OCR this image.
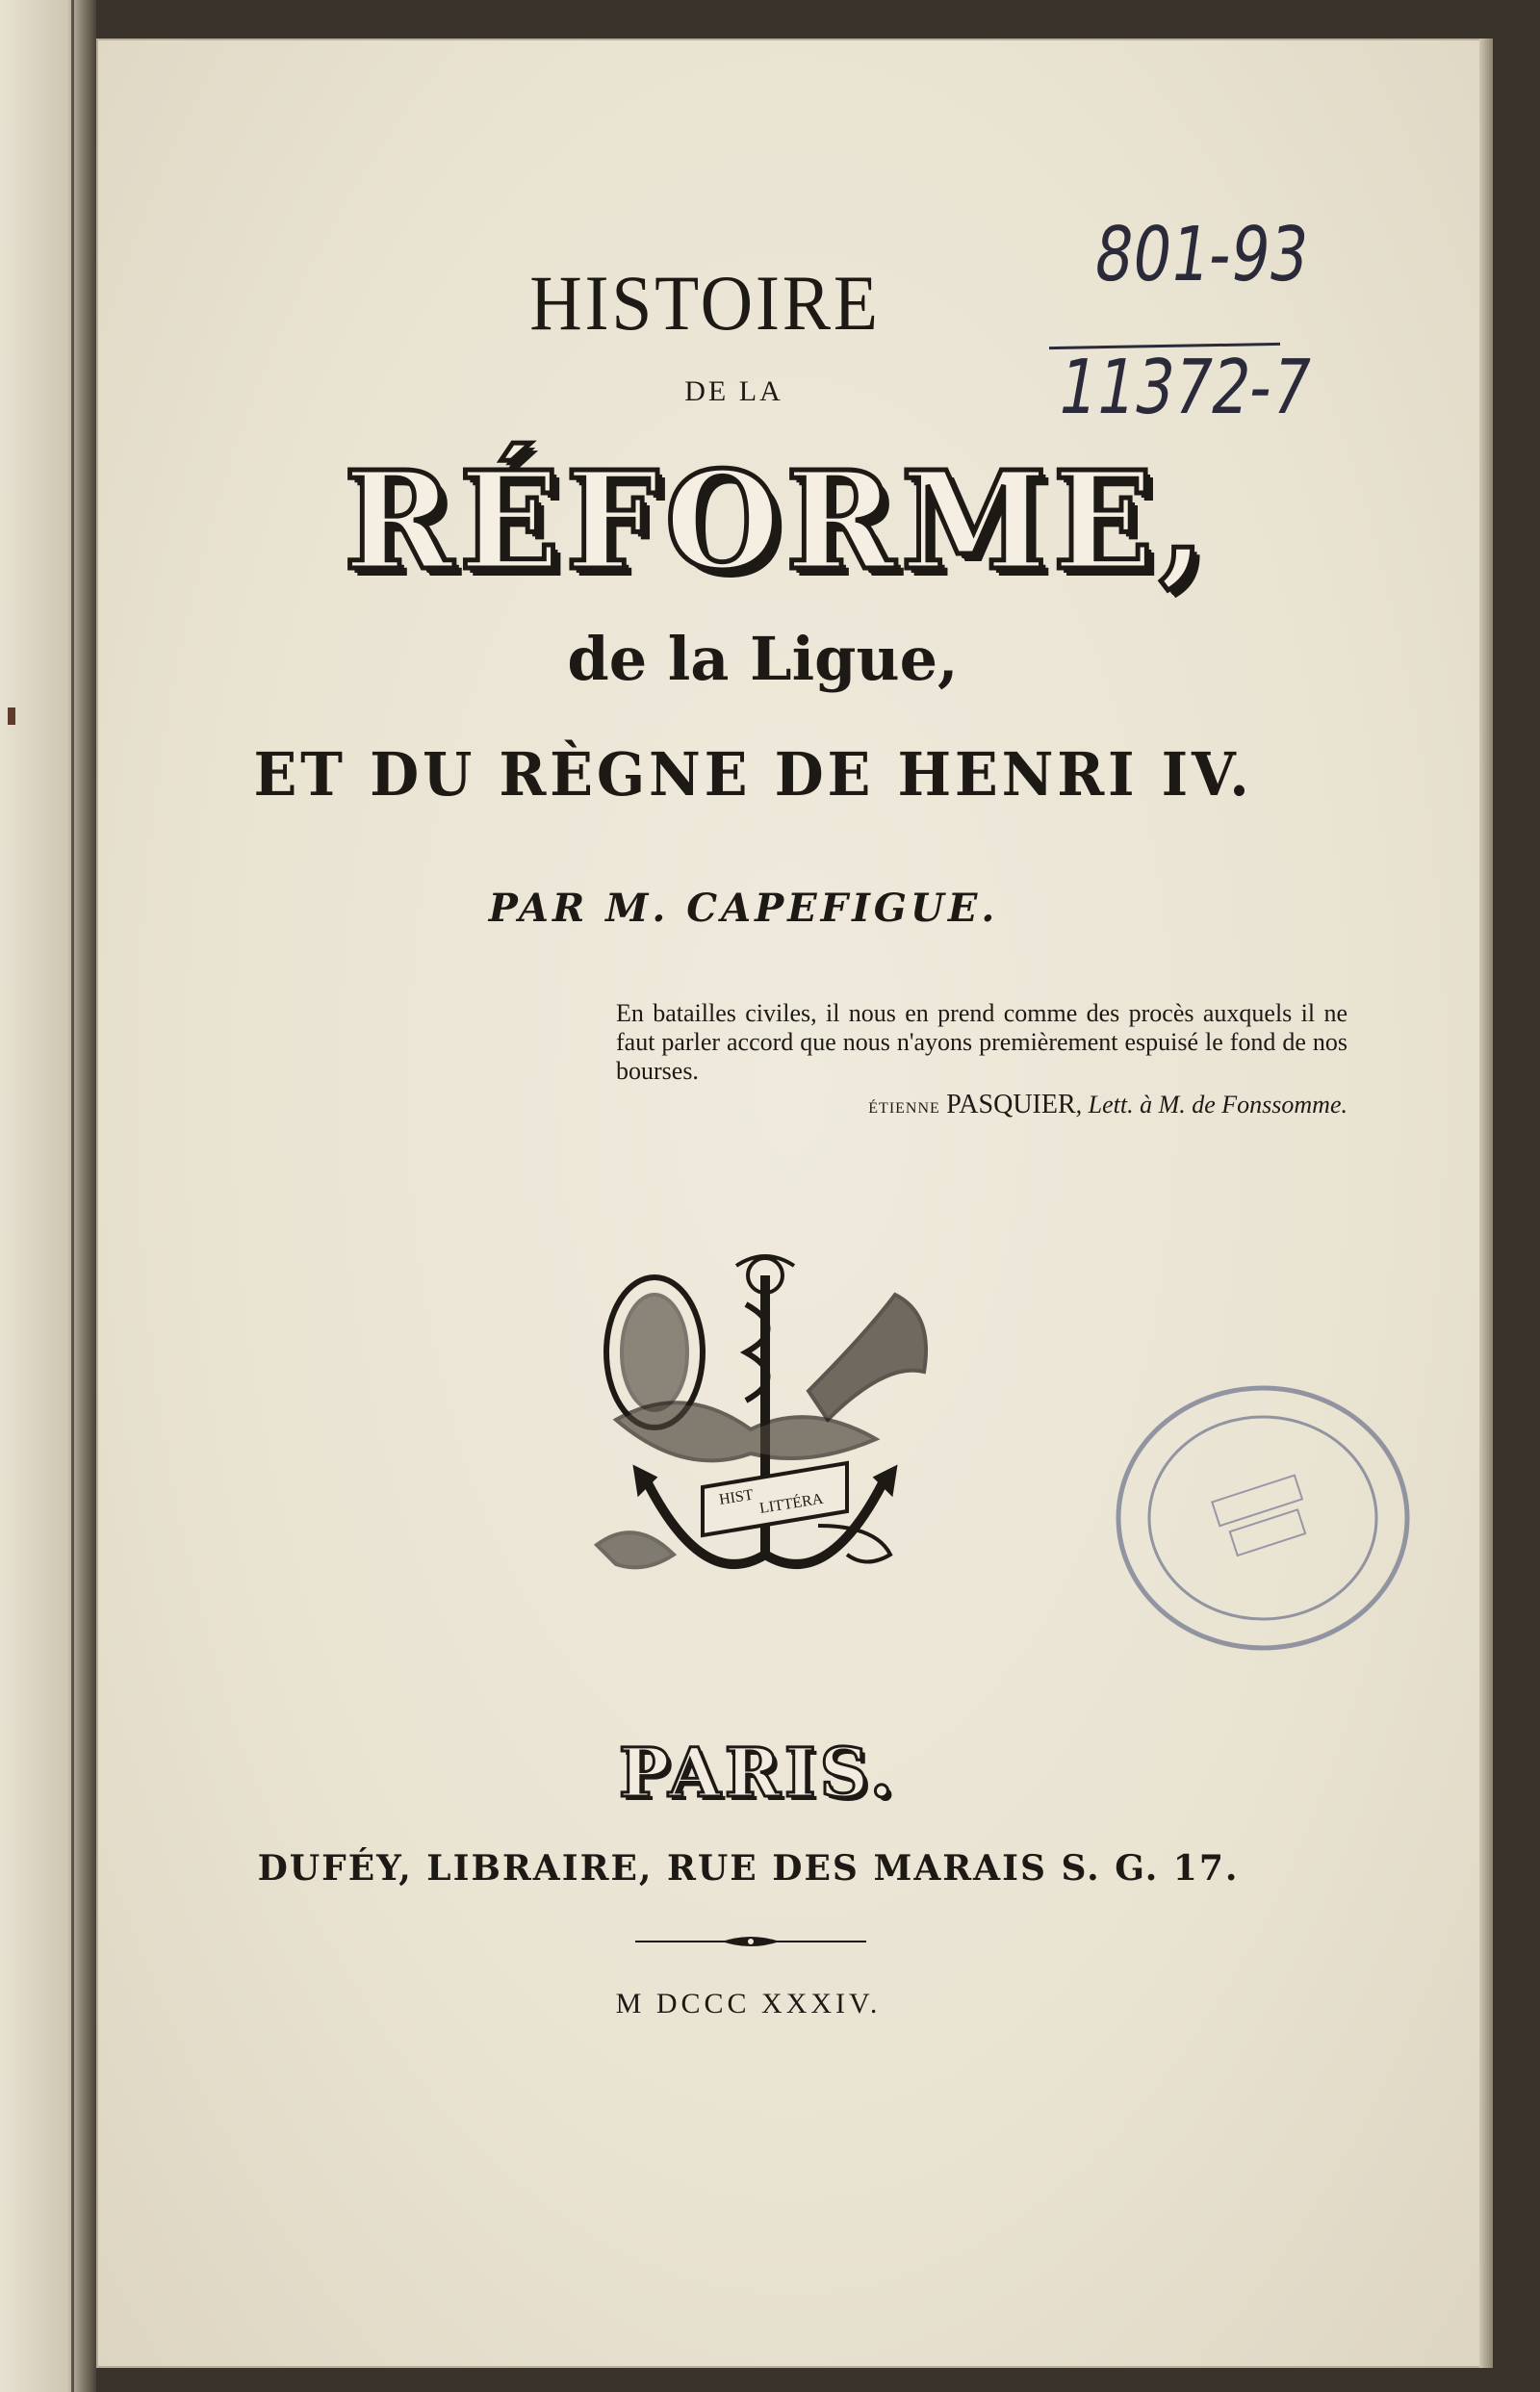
801-93
11372-7
HISTOIRE
DE LA
RÉFORME,
de la Ligue,
ET DU RÈGNE DE HENRI IV.
PAR M. CAPEFIGUE.
En batailles civiles, il nous en prend comme des procès auxquels il ne faut parler accord que nous n'ayons premièrement espuisé le fond de nos bourses.
ÉTIENNE PASQUIER, Lett. à M. de Fonssomme.
HIST LITTÉRA
PARIS.
DUFÉY, LIBRAIRE, RUE DES MARAIS S. G. 17.
M DCCC XXXIV.
